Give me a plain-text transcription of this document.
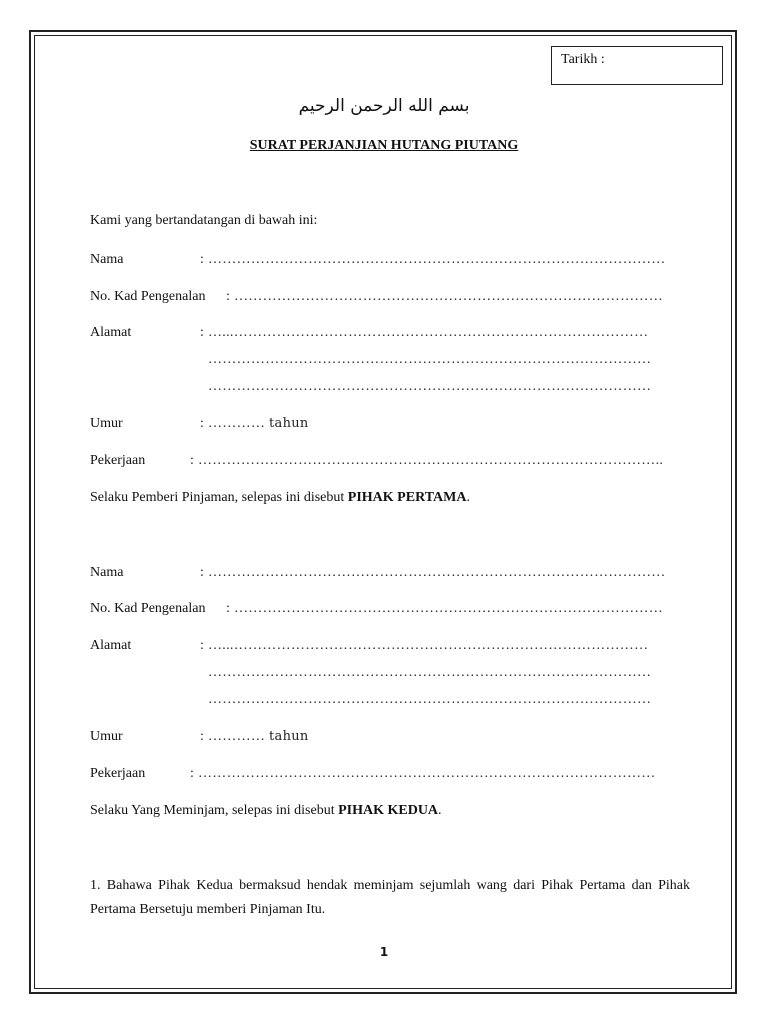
Tarikh :
بسم الله الرحمن الرحيم
SURAT PERJANJIAN HUTANG PIUTANG
Kami yang bertandatangan di bawah ini:
Nama	: ……………………………………………………………………………………
No. Kad Pengenalan : ………………………………………………………………………………
Alamat	: …...……………………………………………………………………………
…………………………………………………………………………………
…………………………………………………………………………………
Umur	: ………… tahun
Pekerjaan	: ……………………………………………………………………………………..
Selaku Pemberi Pinjaman, selepas ini disebut PIHAK PERTAMA.
Nama	: ……………………………………………………………………………………
No. Kad Pengenalan : ………………………………………………………………………………
Alamat	: …...……………………………………………………………………………
…………………………………………………………………………………
…………………………………………………………………………………
Umur	: ………… tahun
Pekerjaan	: ……………………………………………………………………………………
Selaku Yang Meminjam, selepas ini disebut PIHAK KEDUA.
1. Bahawa Pihak Kedua bermaksud hendak meminjam sejumlah wang dari Pihak Pertama dan Pihak Pertama Bersetuju memberi Pinjaman Itu.
1
